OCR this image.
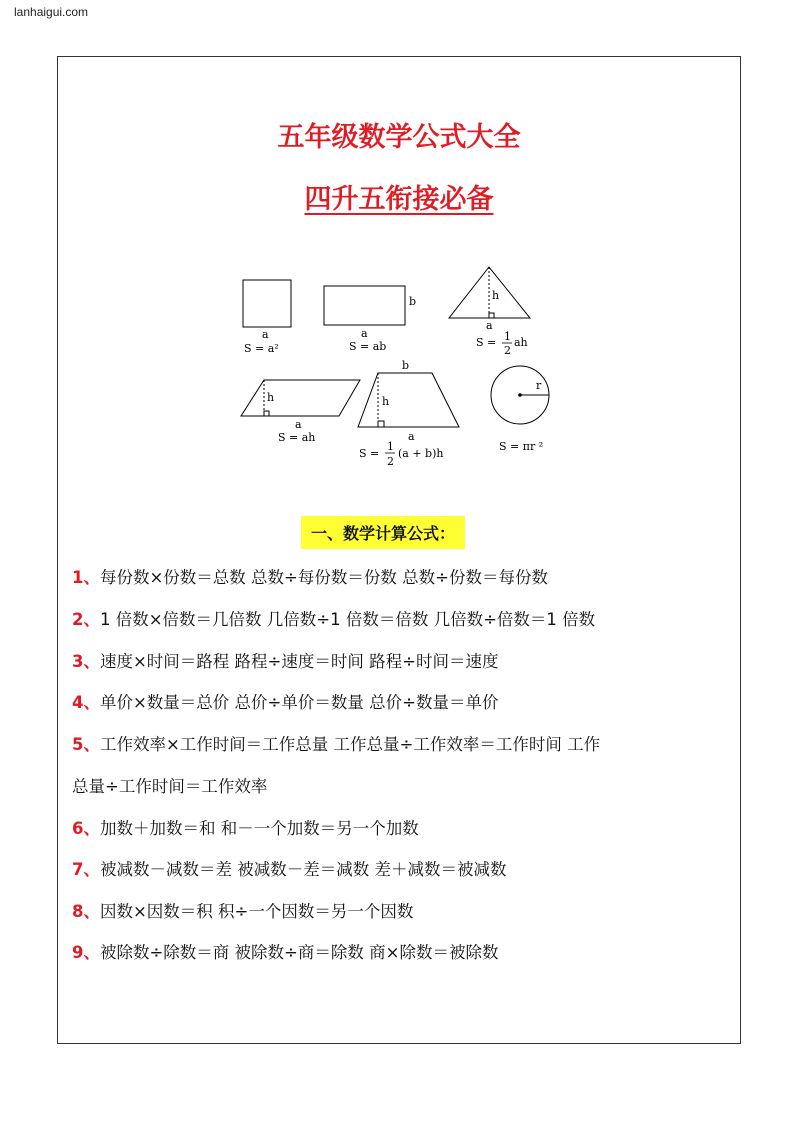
lanhaigui.com
五年级数学公式大全
四升五衔接必备
a
S = a²
b
a
S = ab
h
a
S = 1
2
ah
h
a
S = ah
b
h
a
S =
1
2
(a + b)h
r
S = πr ²
一、数学计算公式：
1、每份数×份数＝总数 总数÷每份数＝份数 总数÷份数＝每份数
2、1 倍数×倍数＝几倍数 几倍数÷1 倍数＝倍数 几倍数÷倍数＝1 倍数
3、速度×时间＝路程 路程÷速度＝时间 路程÷时间＝速度
4、单价×数量＝总价 总价÷单价＝数量 总价÷数量＝单价
5、工作效率×工作时间＝工作总量 工作总量÷工作效率＝工作时间 工作
总量÷工作时间＝工作效率
6、加数＋加数＝和 和－一个加数＝另一个加数
7、被减数－减数＝差 被减数－差＝减数 差＋减数＝被减数
8、因数×因数＝积 积÷一个因数＝另一个因数
9、被除数÷除数＝商 被除数÷商＝除数 商×除数＝被除数
